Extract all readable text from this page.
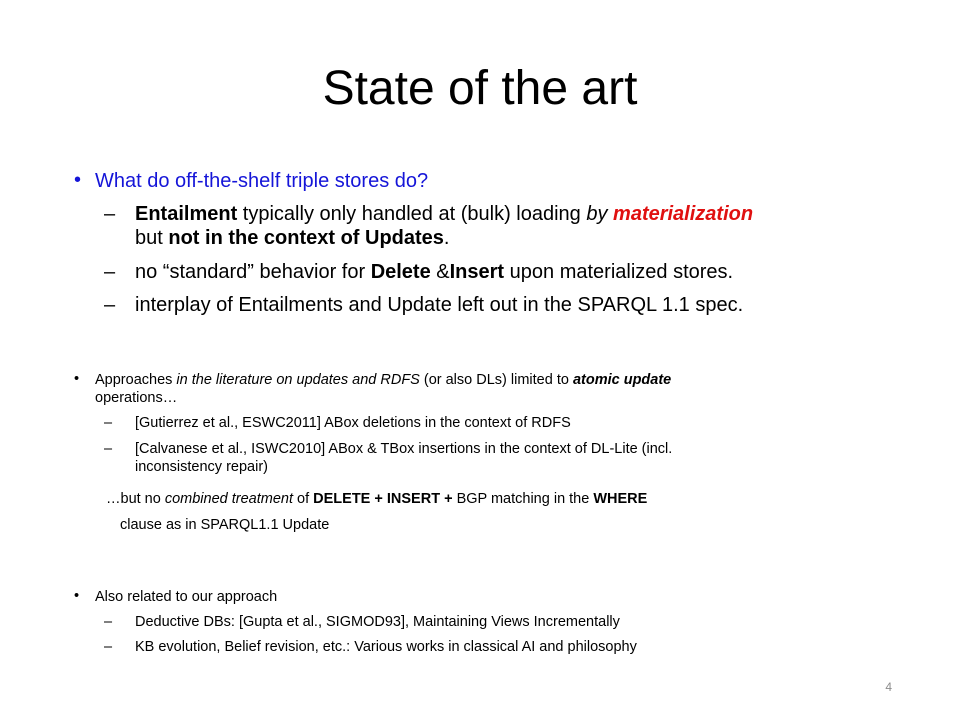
State of the art
• What do off-the-shelf triple stores do?
– Entailment typically only handled at (bulk) loading by materialization
but not in the context of Updates.
– no “standard” behavior for Delete &Insert upon materialized stores.
– interplay of Entailments and Update left out in the SPARQL 1.1 spec.
• Approaches in the literature on updates and RDFS (or also DLs) limited to atomic update
operations…
– [Gutierrez et al., ESWC2011] ABox deletions in the context of RDFS
– [Calvanese et al., ISWC2010] ABox & TBox insertions in the context of DL-Lite (incl.
inconsistency repair)
…but no combined treatment of DELETE + INSERT + BGP matching in the WHERE
clause as in SPARQL1.1 Update
• Also related to our approach
– Deductive DBs: [Gupta et al., SIGMOD93], Maintaining Views Incrementally
– KB evolution, Belief revision, etc.: Various works in classical AI and philosophy
4
